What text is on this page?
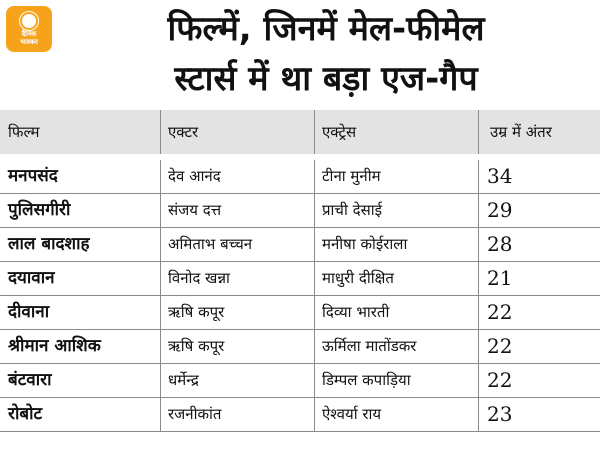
दैनिक
भास्कर	फिल्में, जिनमें मेल-फीमेल
स्टार्स में था बड़ा एज-गैप
फिल्म	एक्टर	एक्ट्रेस	उम्र में अंतर
मनपसंद	देव आनंद	टीना मुनीम	34
पुलिसगीरी	संजय दत्त	प्राची देसाई	29
लाल बादशाह	अमिताभ बच्चन	मनीषा कोईराला	28
दयावान	विनोद खन्ना	माधुरी दीक्षित	21
दीवाना	ऋषि कपूर	दिव्या भारती	22
श्रीमान आशिक	ऋषि कपूर	ऊर्मिला मातोंडकर	22
बंटवारा	धर्मेन्द्र	डिम्पल कपाड़िया	22
रोबोट	रजनीकांत	ऐश्वर्या राय	23
